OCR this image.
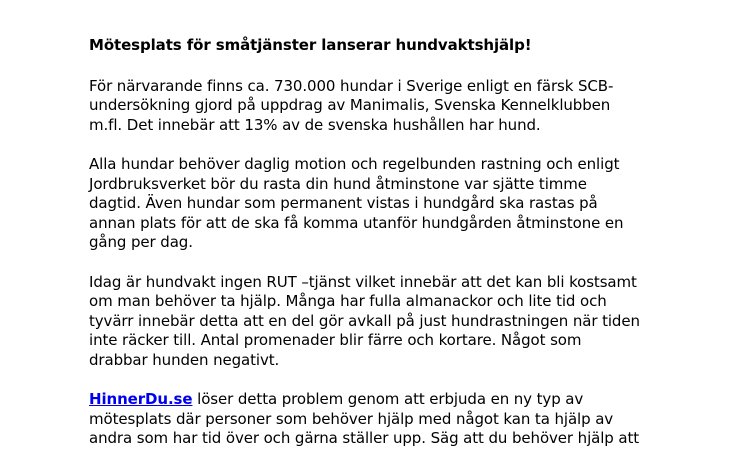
Mötesplats för småtjänster lanserar hundvaktshjälp!
För närvarande finns ca. 730.000 hundar i Sverige enligt en färsk SCB-
undersökning gjord på uppdrag av Manimalis, Svenska Kennelklubben
m.fl. Det innebär att 13% av de svenska hushållen har hund.
Alla hundar behöver daglig motion och regelbunden rastning och enligt
Jordbruksverket bör du rasta din hund åtminstone var sjätte timme
dagtid. Även hundar som permanent vistas i hundgård ska rastas på
annan plats för att de ska få komma utanför hundgården åtminstone en
gång per dag.
Idag är hundvakt ingen RUT –tjänst vilket innebär att det kan bli kostsamt
om man behöver ta hjälp. Många har fulla almanackor och lite tid och
tyvärr innebär detta att en del gör avkall på just hundrastningen när tiden
inte räcker till. Antal promenader blir färre och kortare. Något som
drabbar hunden negativt.
HinnerDu.se löser detta problem genom att erbjuda en ny typ av
mötesplats där personer som behöver hjälp med något kan ta hjälp av
andra som har tid över och gärna ställer upp. Säg att du behöver hjälp att
